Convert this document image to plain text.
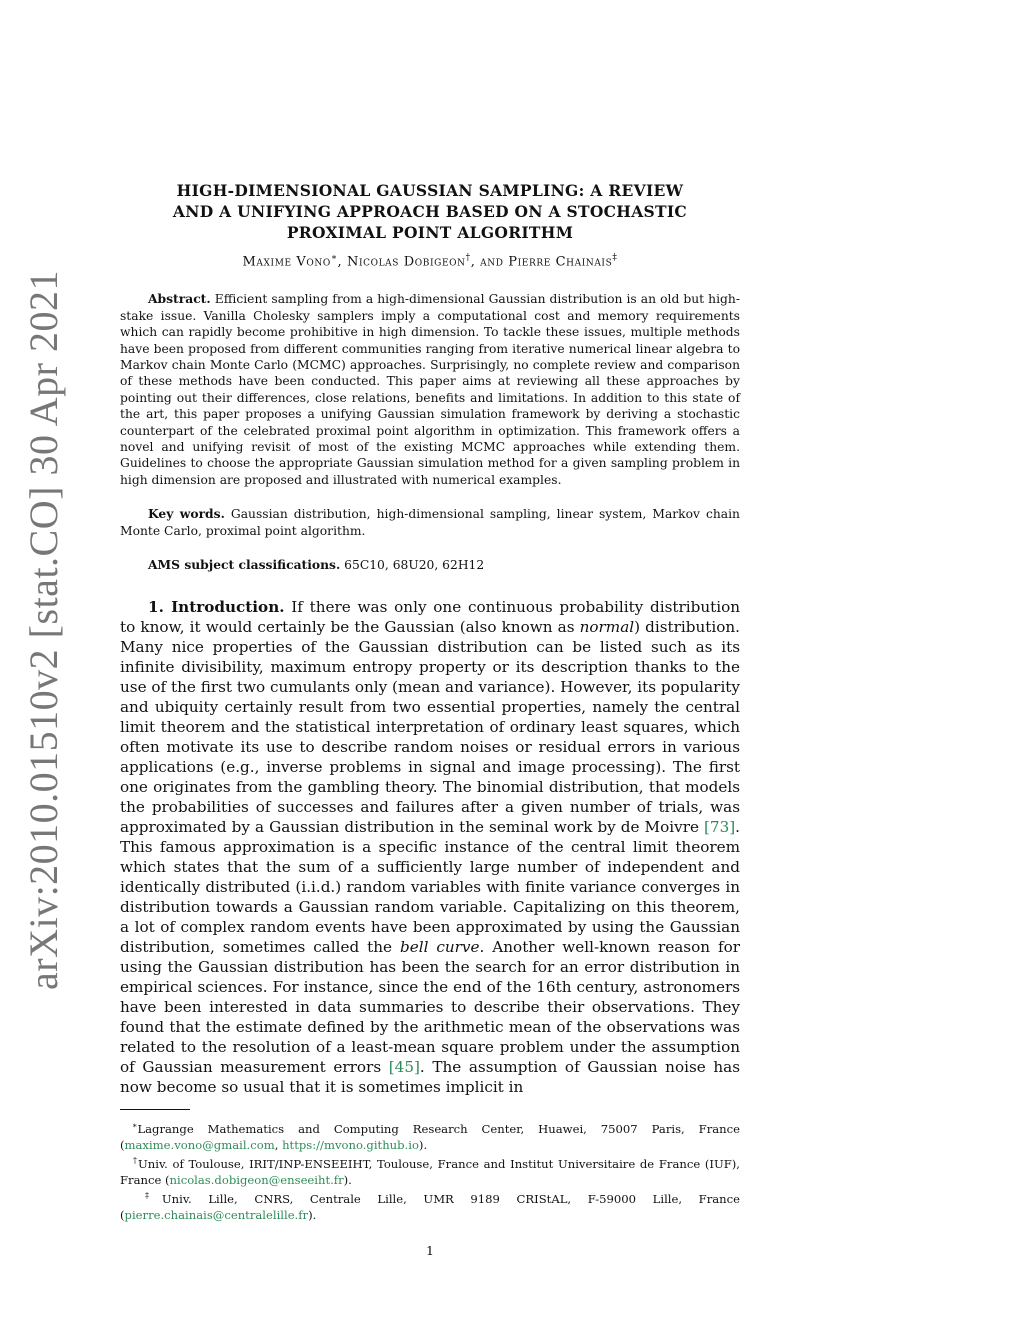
arXiv:2010.01510v2 [stat.CO] 30 Apr 2021
HIGH-DIMENSIONAL GAUSSIAN SAMPLING: A REVIEW
AND A UNIFYING APPROACH BASED ON A STOCHASTIC
PROXIMAL POINT ALGORITHM
Maxime Vono∗, Nicolas Dobigeon†, and Pierre Chainais‡
Abstract. Efficient sampling from a high-dimensional Gaussian distribution is an old but high-stake issue. Vanilla Cholesky samplers imply a computational cost and memory requirements which can rapidly become prohibitive in high dimension. To tackle these issues, multiple methods have been proposed from different communities ranging from iterative numerical linear algebra to Markov chain Monte Carlo (MCMC) approaches. Surprisingly, no complete review and comparison of these methods have been conducted. This paper aims at reviewing all these approaches by pointing out their differences, close relations, benefits and limitations. In addition to this state of the art, this paper proposes a unifying Gaussian simulation framework by deriving a stochastic counterpart of the celebrated proximal point algorithm in optimization. This framework offers a novel and unifying revisit of most of the existing MCMC approaches while extending them. Guidelines to choose the appropriate Gaussian simulation method for a given sampling problem in high dimension are proposed and illustrated with numerical examples.
Key words. Gaussian distribution, high-dimensional sampling, linear system, Markov chain Monte Carlo, proximal point algorithm.
AMS subject classifications. 65C10, 68U20, 62H12
1. Introduction. If there was only one continuous probability distribution to know, it would certainly be the Gaussian (also known as normal) distribution. Many nice properties of the Gaussian distribution can be listed such as its infinite divisibility, maximum entropy property or its description thanks to the use of the first two cumulants only (mean and variance). However, its popularity and ubiquity certainly result from two essential properties, namely the central limit theorem and the statistical interpretation of ordinary least squares, which often motivate its use to describe random noises or residual errors in various applications (e.g., inverse problems in signal and image processing). The first one originates from the gambling theory. The binomial distribution, that models the probabilities of successes and failures after a given number of trials, was approximated by a Gaussian distribution in the seminal work by de Moivre [73]. This famous approximation is a specific instance of the central limit theorem which states that the sum of a sufficiently large number of independent and identically distributed (i.i.d.) random variables with finite variance converges in distribution towards a Gaussian random variable. Capitalizing on this theorem, a lot of complex random events have been approximated by using the Gaussian distribution, sometimes called the bell curve. Another well-known reason for using the Gaussian distribution has been the search for an error distribution in empirical sciences. For instance, since the end of the 16th century, astronomers have been interested in data summaries to describe their observations. They found that the estimate defined by the arithmetic mean of the observations was related to the resolution of a least-mean square problem under the assumption of Gaussian measurement errors [45]. The assumption of Gaussian noise has now become so usual that it is sometimes implicit in

∗Lagrange Mathematics and Computing Research Center, Huawei, 75007 Paris, France (maxime.vono@gmail.com, https://mvono.github.io).

†Univ. of Toulouse, IRIT/INP-ENSEEIHT, Toulouse, France and Institut Universitaire de France (IUF), France (nicolas.dobigeon@enseeiht.fr).

‡Univ. Lille, CNRS, Centrale Lille, UMR 9189 CRIStAL, F-59000 Lille, France (pierre.chainais@centralelille.fr).

1
